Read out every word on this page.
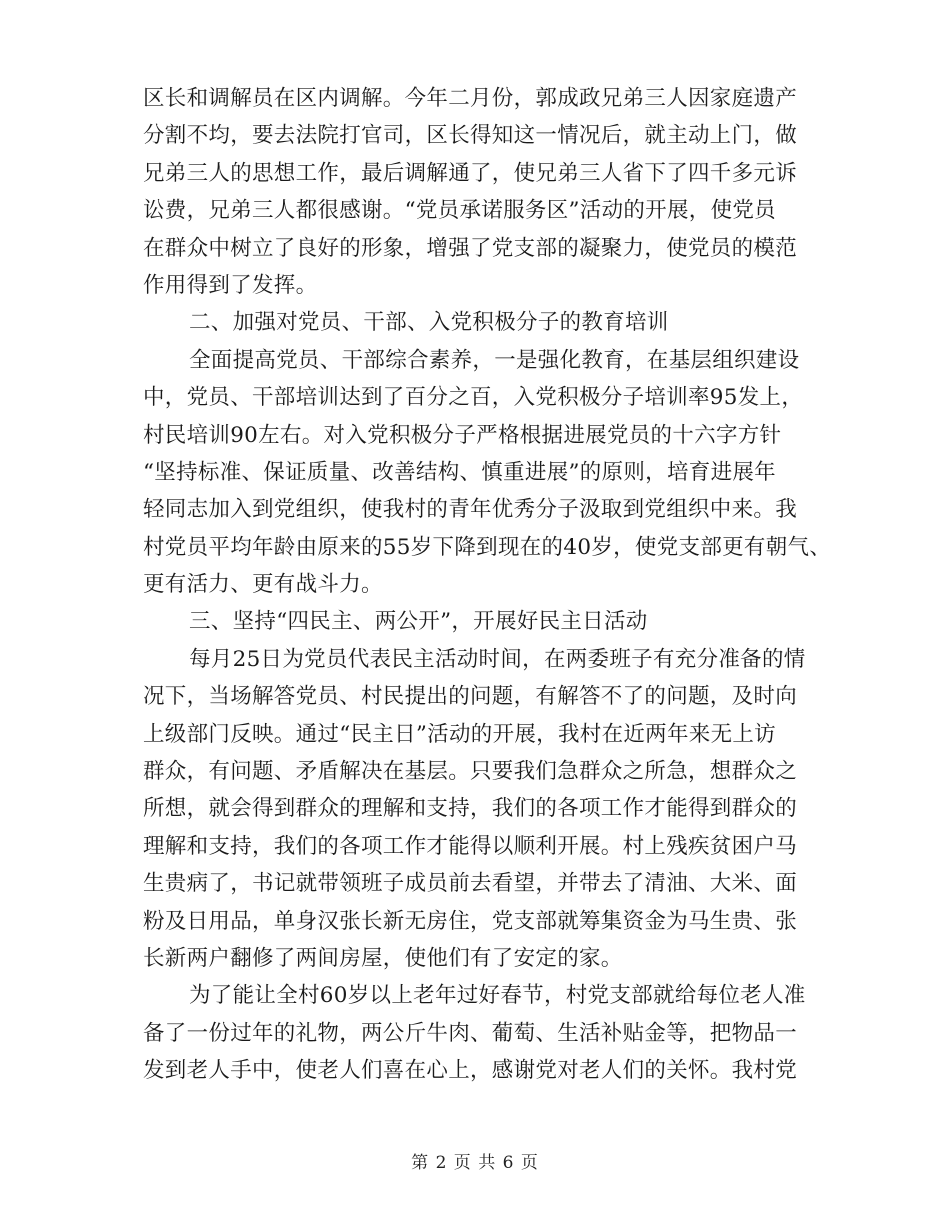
区长和调解员在区内调解。今年二月份，郭成政兄弟三人因家庭遗产
分割不均，要去法院打官司，区长得知这一情况后，就主动上门，做
兄弟三人的思想工作，最后调解通了，使兄弟三人省下了四千多元诉
讼费，兄弟三人都很感谢。“党员承诺服务区”活动的开展，使党员
在群众中树立了良好的形象，增强了党支部的凝聚力，使党员的模范
作用得到了发挥。
二、加强对党员、干部、入党积极分子的教育培训
全面提高党员、干部综合素养，一是强化教育，在基层组织建设
中，党员、干部培训达到了百分之百，入党积极分子培训率95发上，
村民培训90左右。对入党积极分子严格根据进展党员的十六字方针
“坚持标准、保证质量、改善结构、慎重进展”的原则，培育进展年
轻同志加入到党组织，使我村的青年优秀分子汲取到党组织中来。我
村党员平均年龄由原来的55岁下降到现在的40岁，使党支部更有朝气、
更有活力、更有战斗力。
三、坚持“四民主、两公开”，开展好民主日活动
每月25日为党员代表民主活动时间，在两委班子有充分准备的情
况下，当场解答党员、村民提出的问题，有解答不了的问题，及时向
上级部门反映。通过“民主日”活动的开展，我村在近两年来无上访
群众，有问题、矛盾解决在基层。只要我们急群众之所急，想群众之
所想，就会得到群众的理解和支持，我们的各项工作才能得到群众的
理解和支持，我们的各项工作才能得以顺利开展。村上残疾贫困户马
生贵病了，书记就带领班子成员前去看望，并带去了清油、大米、面
粉及日用品，单身汉张长新无房住，党支部就筹集资金为马生贵、张
长新两户翻修了两间房屋，使他们有了安定的家。
为了能让全村60岁以上老年过好春节，村党支部就给每位老人准
备了一份过年的礼物，两公斤牛肉、葡萄、生活补贴金等，把物品一
发到老人手中，使老人们喜在心上，感谢党对老人们的关怀。我村党
第 2 页 共 6 页
